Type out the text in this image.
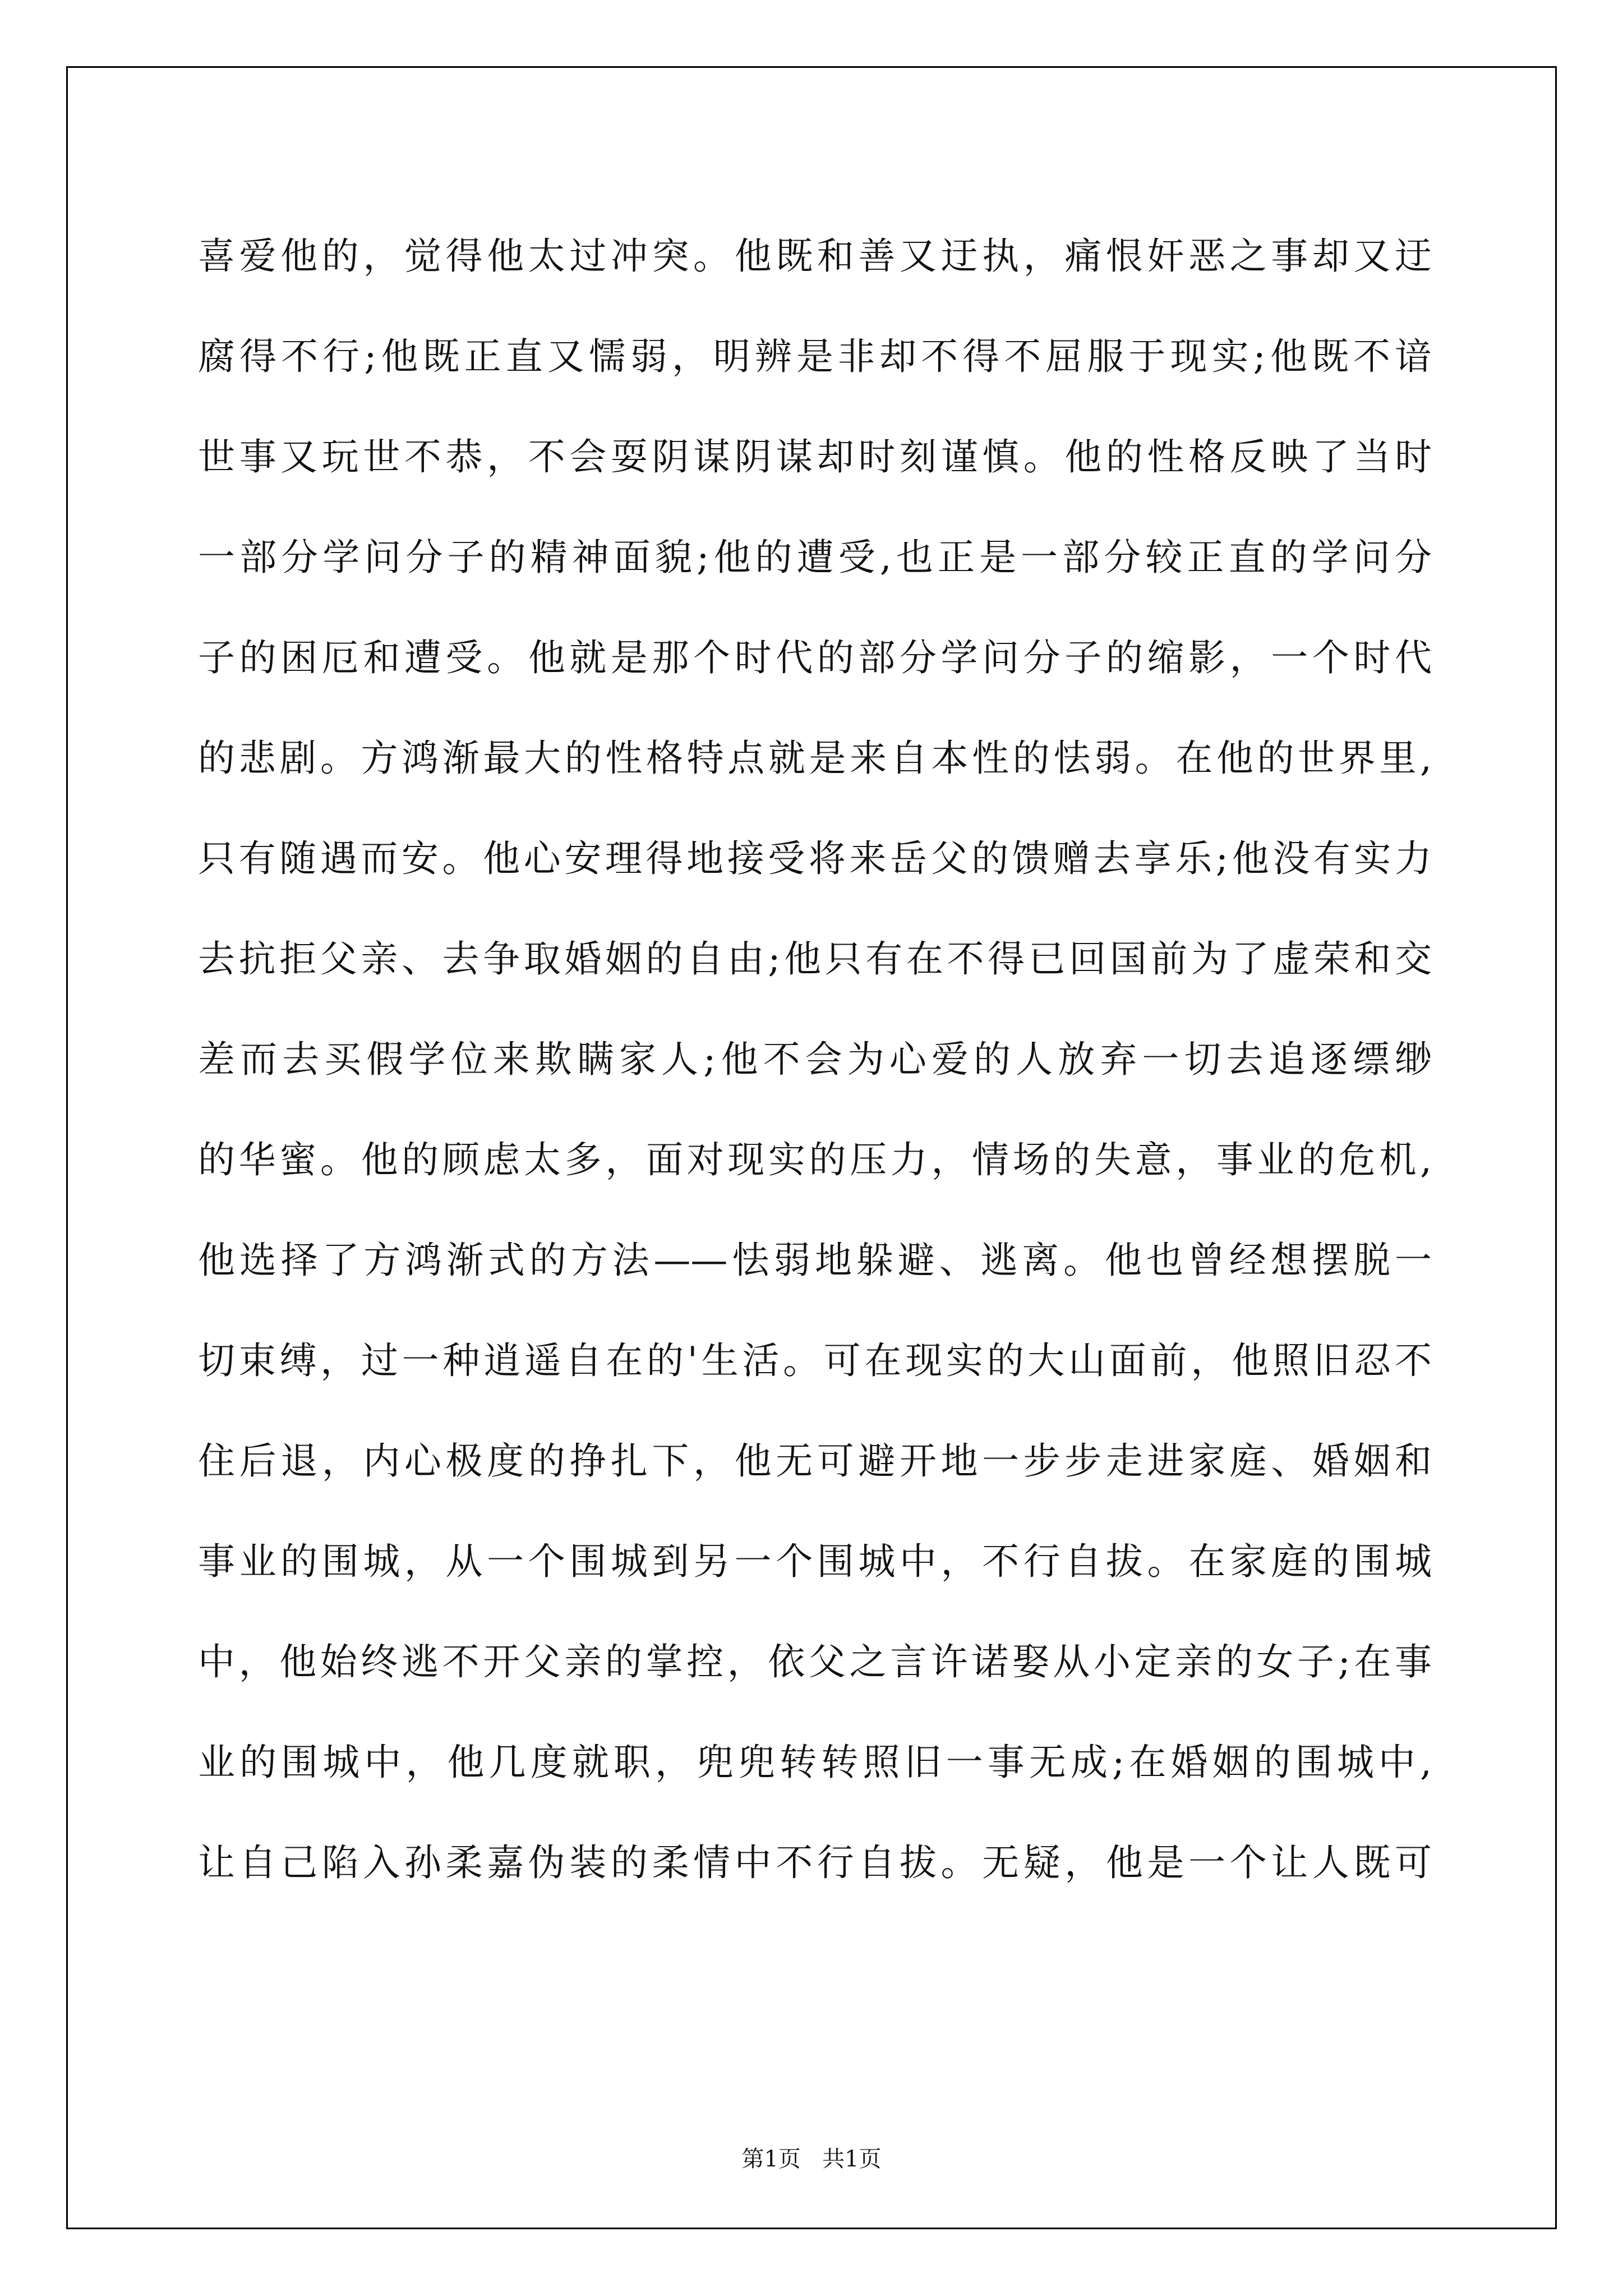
喜爱他的，觉得他太过冲突。他既和善又迂执，痛恨奸恶之事却又迂
腐得不行;他既正直又懦弱，明辨是非却不得不屈服于现实;他既不谙
世事又玩世不恭，不会耍阴谋阴谋却时刻谨慎。他的性格反映了当时
一部分学问分子的精神面貌;他的遭受,也正是一部分较正直的学问分
子的困厄和遭受。他就是那个时代的部分学问分子的缩影，一个时代
的悲剧。方鸿渐最大的性格特点就是来自本性的怯弱。在他的世界里,
只有随遇而安。他心安理得地接受将来岳父的馈赠去享乐;他没有实力
去抗拒父亲、去争取婚姻的自由;他只有在不得已回国前为了虚荣和交
差而去买假学位来欺瞒家人;他不会为心爱的人放弃一切去追逐缥缈
的华蜜。他的顾虑太多，面对现实的压力，情场的失意，事业的危机,
他选择了方鸿渐式的方法——怯弱地躲避、逃离。他也曾经想摆脱一
切束缚，过一种逍遥自在的'生活。可在现实的大山面前，他照旧忍不
住后退，内心极度的挣扎下，他无可避开地一步步走进家庭、婚姻和
事业的围城，从一个围城到另一个围城中，不行自拔。在家庭的围城
中，他始终逃不开父亲的掌控，依父之言许诺娶从小定亲的女子;在事
业的围城中，他几度就职，兜兜转转照旧一事无成;在婚姻的围城中,
让自己陷入孙柔嘉伪装的柔情中不行自拔。无疑，他是一个让人既可
第1页   共1页
